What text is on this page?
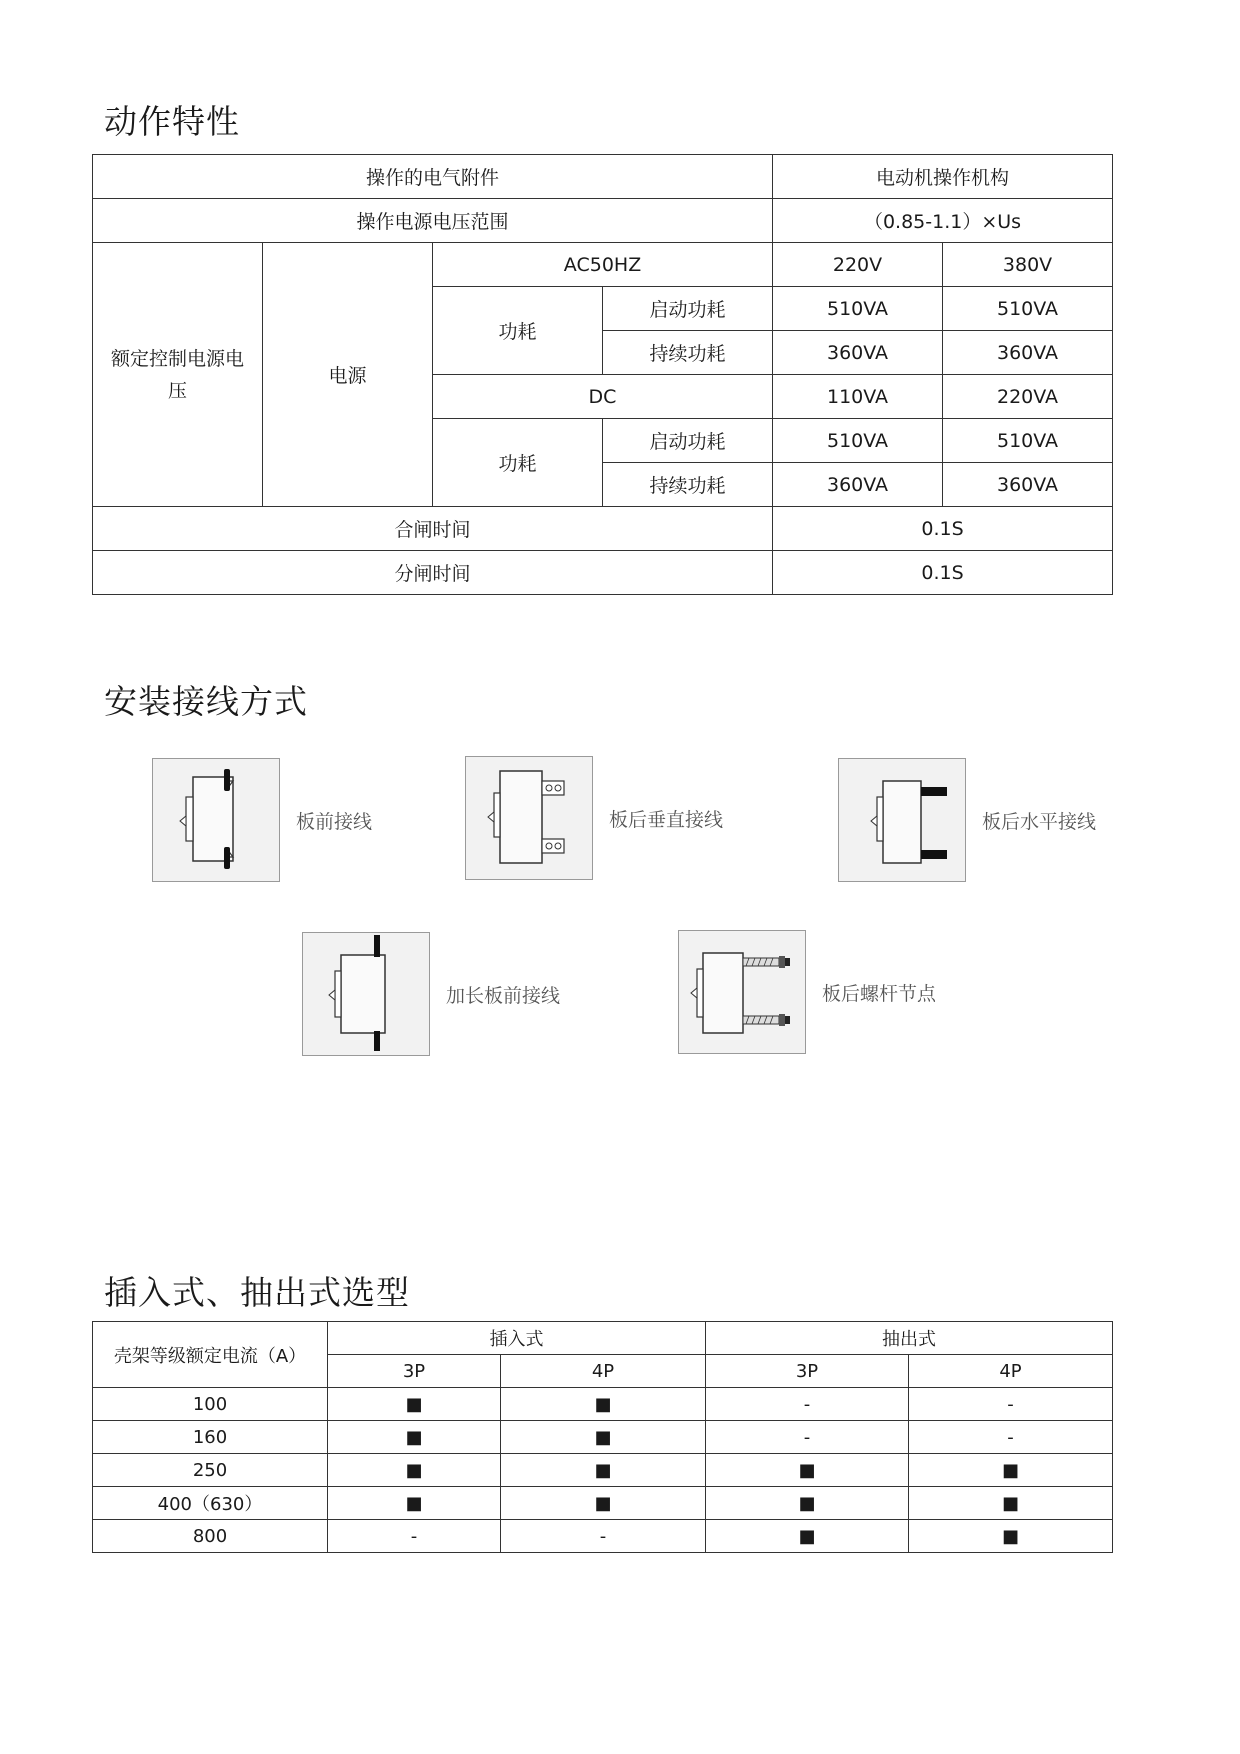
动作特性
操作的电气附件				电动机操作机构	
操作电源电压范围				（0.85-1.1）×Us	

额定控制电源电压	电源	AC50HZ		220V	380V
		功耗	启动功耗	510VA	510VA
			持续功耗	360VA	360VA
		DC		110VA	220VA
		功耗	启动功耗	510VA	510VA
			持续功耗	360VA	360VA
合闸时间				0.1S	
分闸时间				0.1S	
安装接线方式
板前接线	板后垂直接线	板后水平接线
加长板前接线	板后螺杆节点
插入式、抽出式选型
壳架等级额定电流（A）	插入式		抽出式	
	3P	4P	3P	4P
100	■	■	-	-
160	■	■	-	-
250	■	■	■	■
400（630）	■	■	■	■
800	-	-	■	■
